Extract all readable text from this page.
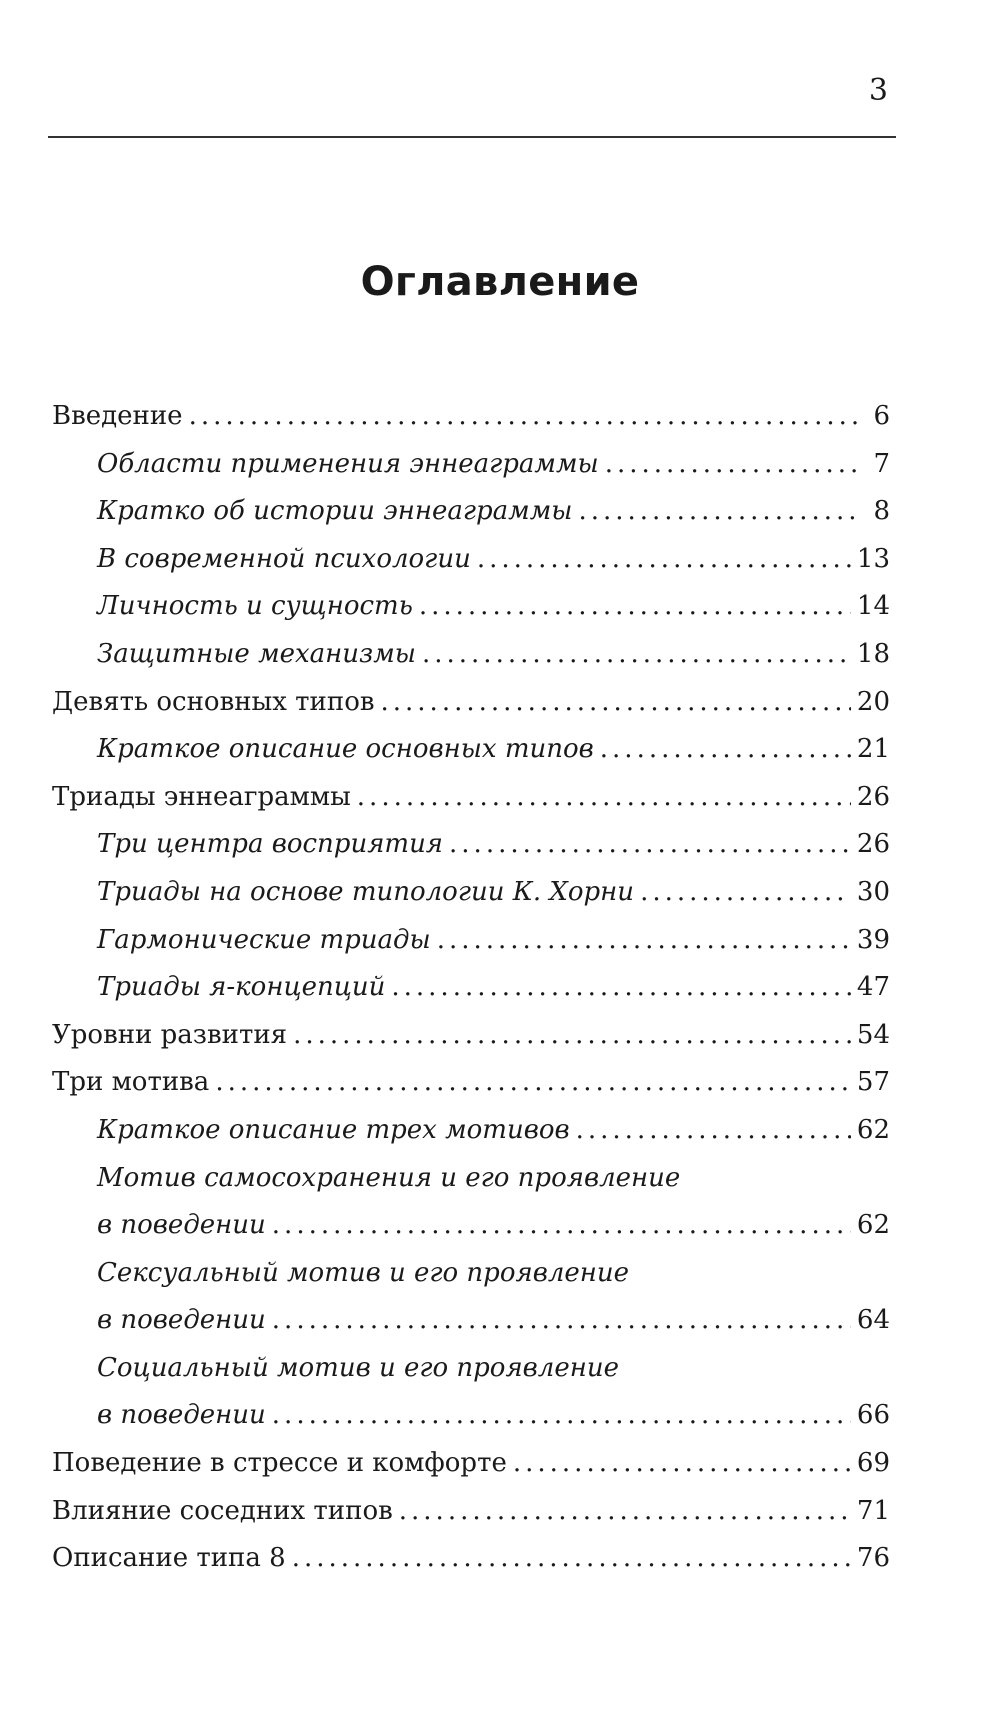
3
Оглавление
Введение .....	6
Области применения эннеаграммы .....	7
Кратко об истории эннеаграммы .....	8
В современной психологии .....	13
Личность и сущность .....	14
Защитные механизмы .....	18
Девять основных типов .....	20
Краткое описание основных типов .....	21
Триады эннеаграммы .....	26
Три центра восприятия .....	26
Триады на основе типологии К. Хорни .....	30
Гармонические триады .....	39
Триады я-концепций .....	47
Уровни развития .....	54
Три мотива .....	57
Краткое описание трех мотивов .....	62
Мотив самосохранения и его проявление
в поведении .....	62
Сексуальный мотив и его проявление
в поведении .....	64
Социальный мотив и его проявление
в поведении .....	66
Поведение в стрессе и комфорте .....	69
Влияние соседних типов .....	71
Описание типа 8 .....	76
